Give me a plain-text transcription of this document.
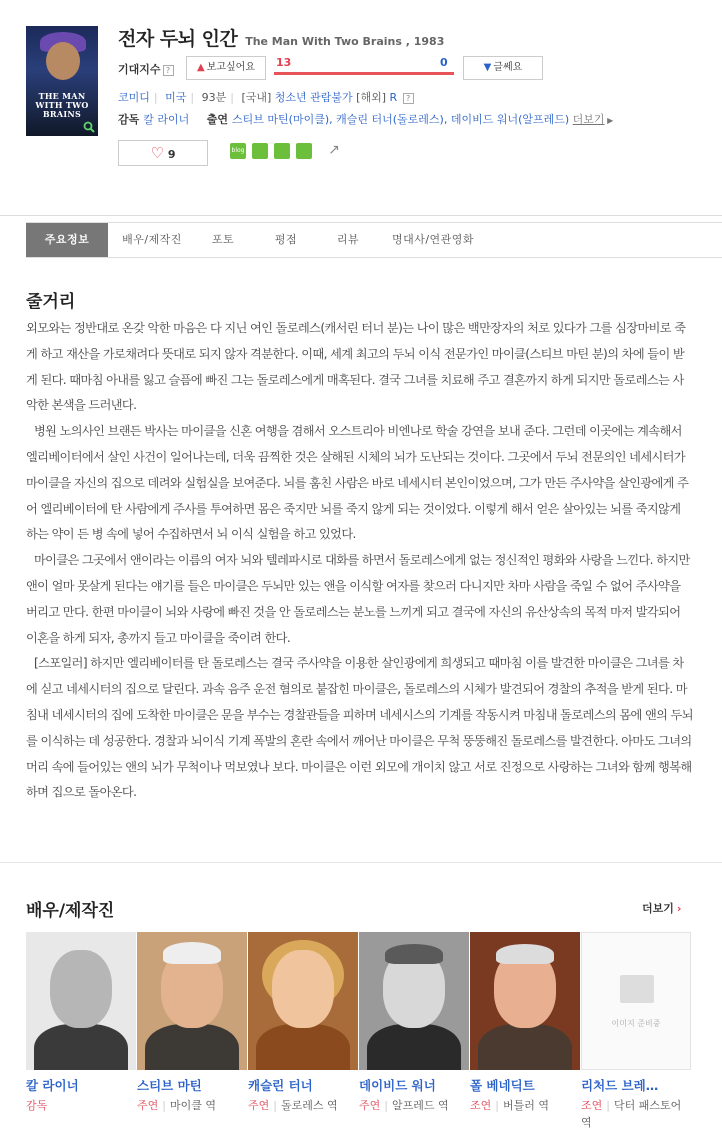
THE MAN WITH TWO BRAINS
전자 두뇌 인간 The Man With Two Brains , 1983
기대지수 ?	▲ 보고싶어요	13	0	▼ 글쎄요
코미디 | 미국 | 93분 | [국내] 청소년 관람불가 [해외] R ?
감독 칼 라이너 출연 스티브 마틴(마이클), 캐슬린 터너(돌로레스), 데이비드 워너(알프레드) 더보기 ▶
♡ 9	blog	↗
주요정보	배우/제작진	포토	평점	리뷰	명대사/연관영화
줄거리

외모와는 정반대로 온갖 악한 마음은 다 지닌 여인 돌로레스(캐서린 터너 분)는 나이 많은 백만장자의 처로 있다가 그를 심장마비로 죽게 하고 재산을 가로채려다 뜻대로 되지 않자 격분한다. 이때, 세계 최고의 두뇌 이식 전문가인 마이클(스티브 마틴 분)의 차에 들이 받게 된다. 때마침 아내를 잃고 슬픔에 빠진 그는 돌로레스에게 매혹된다. 결국 그녀를 치료해 주고 결혼까지 하게 되지만 돌로레스는 사악한 본색을 드러낸다.

병원 노의사인 브랜든 박사는 마이클을 신혼 여행을 겸해서 오스트리아 비엔나로 학술 강연을 보내 준다. 그런데 이곳에는 계속해서 엘리베이터에서 살인 사건이 일어나는데, 더욱 끔찍한 것은 살해된 시체의 뇌가 도난되는 것이다. 그곳에서 두뇌 전문의인 네세시터가 마이클을 자신의 집으로 데려와 실험실을 보여준다. 뇌를 훔친 사람은 바로 네세시터 본인이었으며, 그가 만든 주사약을 살인광에게 주어 엘리베이터에 탄 사람에게 주사를 투여하면 몸은 죽지만 뇌를 죽지 않게 되는 것이었다. 이렇게 해서 얻은 살아있는 뇌를 죽지않게 하는 약이 든 병 속에 넣어 수집하면서 뇌 이식 실험을 하고 있었다.

마이클은 그곳에서 앤이라는 이름의 여자 뇌와 텔레파시로 대화를 하면서 돌로레스에게 없는 정신적인 평화와 사랑을 느낀다. 하지만 앤이 얼마 못살게 된다는 얘기를 들은 마이클은 두뇌만 있는 앤을 이식할 여자를 찾으러 다니지만 차마 사람을 죽일 수 없어 주사약을 버리고 만다. 한편 마이클이 뇌와 사랑에 빠진 것을 안 돌로레스는 분노를 느끼게 되고 결국에 자신의 유산상속의 목적 마저 발각되어 이혼을 하게 되자, 총까지 들고 마이클을 죽이려 한다.

[스포일러] 하지만 엘리베이터를 탄 돌로레스는 결국 주사약을 이용한 살인광에게 희생되고 때마침 이를 발견한 마이클은 그녀를 차에 싣고 네세시터의 집으로 달린다. 과속 음주 운전 혐의로 붙잡힌 마이클은, 돌로레스의 시체가 발견되어 경찰의 추적을 받게 된다. 마침내 네세시터의 집에 도착한 마이클은 문을 부수는 경찰관들을 피하며 네세시스의 기계를 작동시켜 마침내 돌로레스의 몸에 앤의 두뇌를 이식하는 데 성공한다. 경찰과 뇌이식 기계 폭발의 혼란 속에서 깨어난 마이클은 무척 뚱뚱해진 돌로레스를 발견한다. 아마도 그녀의 머리 속에 들어있는 앤의 뇌가 무척이나 먹보였나 보다. 마이클은 이런 외모에 개이치 않고 서로 진정으로 사랑하는 그녀와 함께 행복해하며 집으로 돌아온다.

배우/제작진	더보기 ›
칼 라이너
감독
스티브 마틴
주연 | 마이클 역
캐슬린 터너
주연 | 돌로레스 역
데이비드 워너
주연 | 알프레드 역
폴 베네딕트
조연 | 버틀러 역
이미지 준비중
리처드 브레…
조연 | 닥터 패스토어 역
